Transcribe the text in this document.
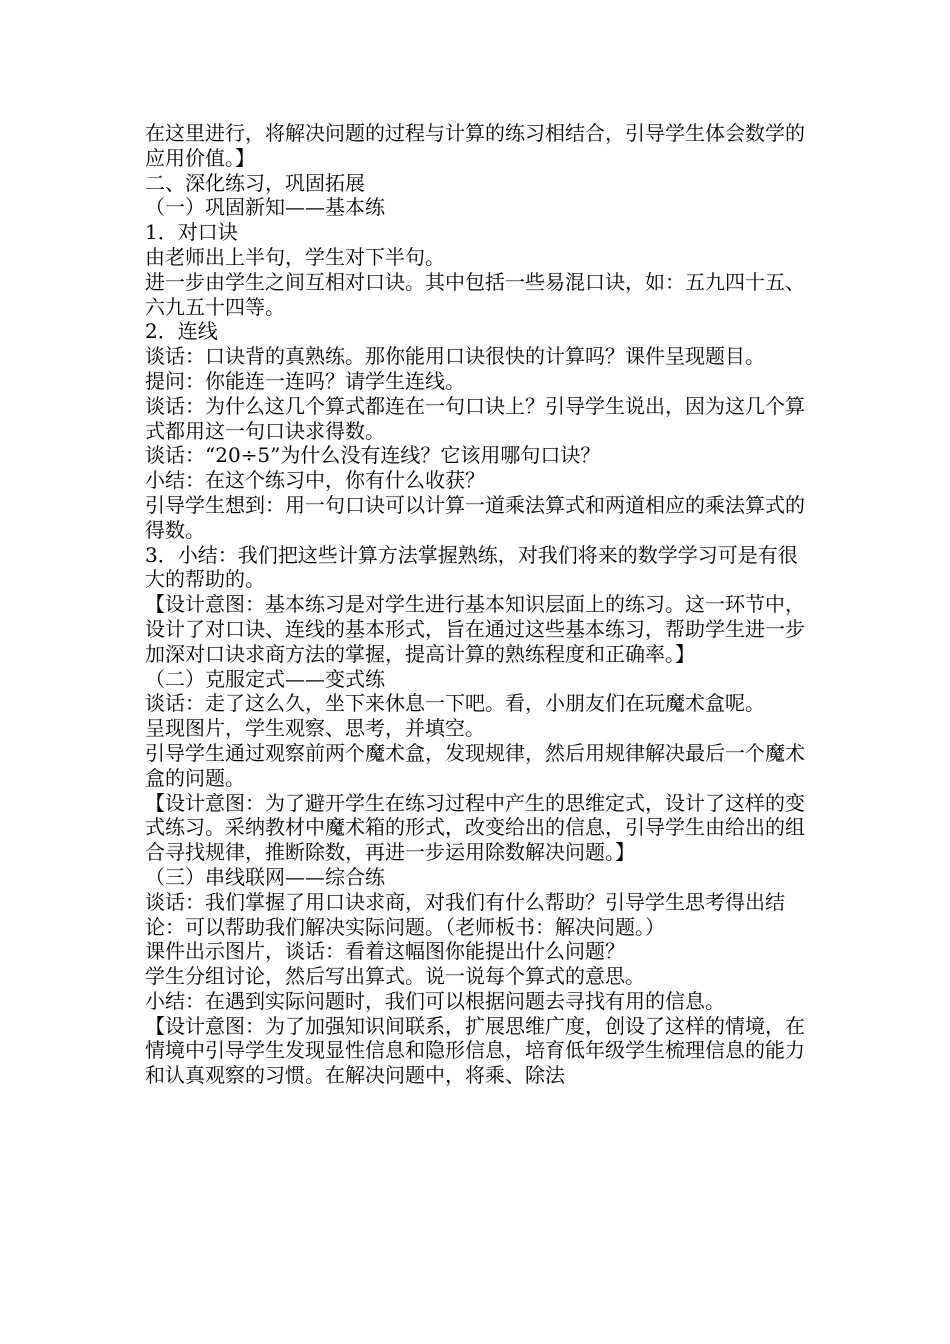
在这里进行，将解决问题的过程与计算的练习相结合，引导学生体会数学的应用价值。】

二、深化练习，巩固拓展

（一）巩固新知——基本练

1．对口诀

由老师出上半句，学生对下半句。

进一步由学生之间互相对口诀。其中包括一些易混口诀，如：五九四十五、六九五十四等。

2．连线

谈话：口诀背的真熟练。那你能用口诀很快的计算吗？课件呈现题目。

提问：你能连一连吗？请学生连线。

谈话：为什么这几个算式都连在一句口诀上？引导学生说出，因为这几个算式都用这一句口诀求得数。

谈话：“20÷5”为什么没有连线？它该用哪句口诀？

小结：在这个练习中，你有什么收获？

引导学生想到：用一句口诀可以计算一道乘法算式和两道相应的乘法算式的得数。

3．小结：我们把这些计算方法掌握熟练，对我们将来的数学学习可是有很大的帮助的。

【设计意图：基本练习是对学生进行基本知识层面上的练习。这一环节中，设计了对口诀、连线的基本形式，旨在通过这些基本练习，帮助学生进一步加深对口诀求商方法的掌握，提高计算的熟练程度和正确率。】

（二）克服定式——变式练

谈话：走了这么久，坐下来休息一下吧。看，小朋友们在玩魔术盒呢。

呈现图片，学生观察、思考，并填空。

引导学生通过观察前两个魔术盒，发现规律，然后用规律解决最后一个魔术盒的问题。

【设计意图：为了避开学生在练习过程中产生的思维定式，设计了这样的变式练习。采纳教材中魔术箱的形式，改变给出的信息，引导学生由给出的组合寻找规律，推断除数，再进一步运用除数解决问题。】

（三）串线联网——综合练

谈话：我们掌握了用口诀求商，对我们有什么帮助？引导学生思考得出结论：可以帮助我们解决实际问题。（老师板书：解决问题。）

课件出示图片，谈话：看着这幅图你能提出什么问题？

学生分组讨论，然后写出算式。说一说每个算式的意思。

小结：在遇到实际问题时，我们可以根据问题去寻找有用的信息。

【设计意图：为了加强知识间联系，扩展思维广度，创设了这样的情境，在情境中引导学生发现显性信息和隐形信息，培育低年级学生梳理信息的能力和认真观察的习惯。在解决问题中，将乘、除法
